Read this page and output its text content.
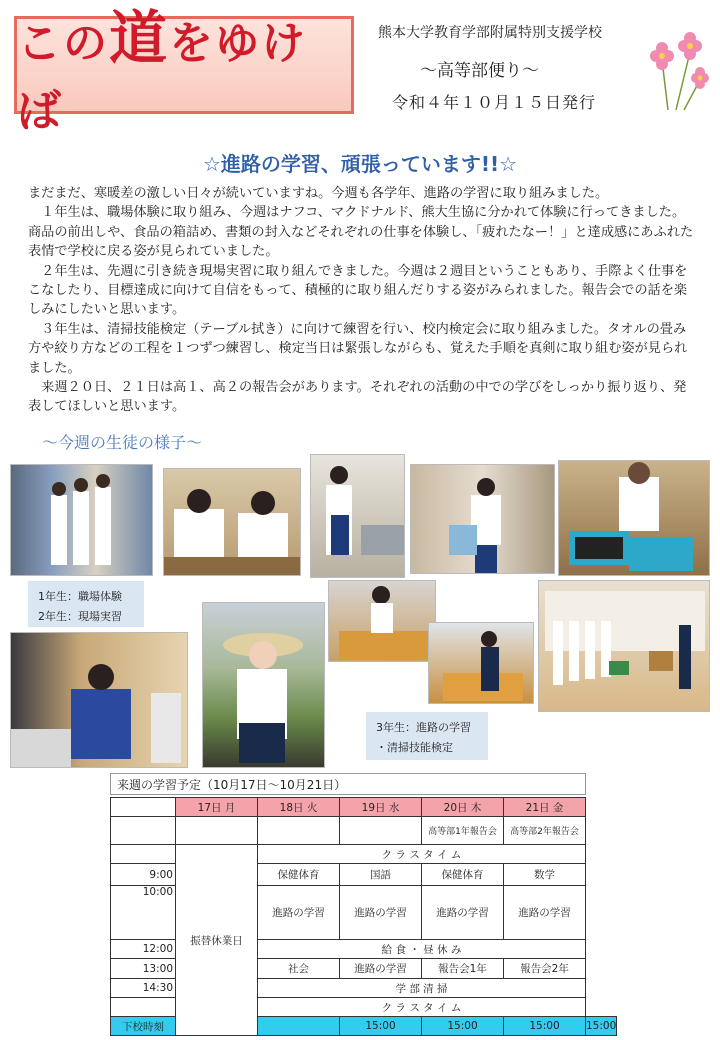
この道をゆけば
熊本大学教育学部附属特別支援学校
～高等部便り～
令和４年１０月１５日発行
☆進路の学習、頑張っています!!☆

まだまだ、寒暖差の激しい日々が続いていますね。今週も各学年、進路の学習に取り組みました。

　１年生は、職場体験に取り組み、今週はナフコ、マクドナルド、熊大生協に分かれて体験に行ってきました。商品の前出しや、食品の箱詰め、書類の封入などそれぞれの仕事を体験し、「疲れたなー！」と達成感にあふれた表情で学校に戻る姿が見られていました。

　２年生は、先週に引き続き現場実習に取り組んできました。今週は２週目ということもあり、手際よく仕事をこなしたり、目標達成に向けて自信をもって、積極的に取り組んだりする姿がみられました。報告会での話を楽しみにしたいと思います。

　３年生は、清掃技能検定（テーブル拭き）に向けて練習を行い、校内検定会に取り組みました。タオルの畳み方や絞り方などの工程を１つずつ練習し、検定当日は緊張しながらも、覚えた手順を真剣に取り組む姿が見られました。

　来週２０日、２１日は高１、高２の報告会があります。それぞれの活動の中での学びをしっかり振り返り、発表してほしいと思います。

～今週の生徒の様子～
1年生：職場体験
2年生：現場実習
3年生：進路の学習
・清掃技能検定
来週の学習予定（10月17日～10月21日）
	17日 月	18日 火	19日 水	20日 木	21日 金	
				高等部1年報告会	高等部2年報告会	
	振替休業日	ク ラ ス タ イ ム				
9:00		保健体育	国語	保健体育	数学	
10:00		進路の学習	進路の学習	進路の学習	進路の学習	
12:00		給 食 ・ 昼 休 み				
13:00		社会	進路の学習	報告会1年	報告会2年	
14:30		学 部 清 掃				
		ク ラ ス タ イ ム				
下校時刻			15:00	15:00	15:00	15:00
